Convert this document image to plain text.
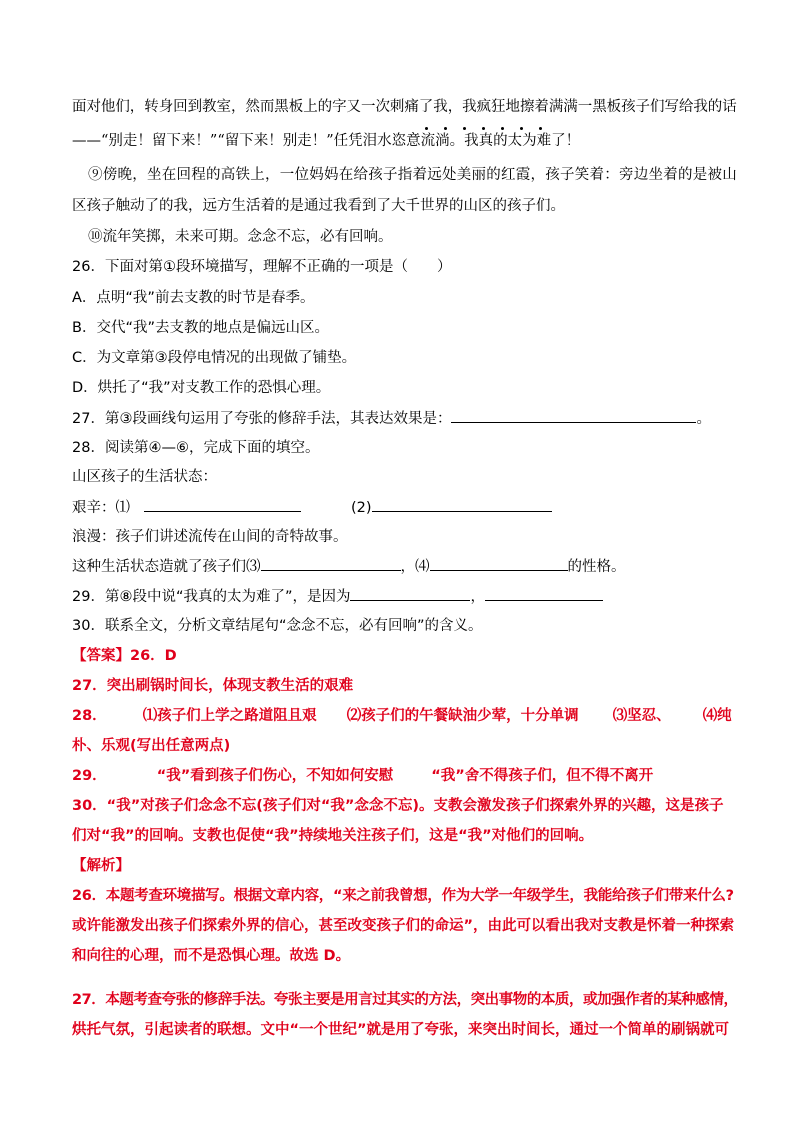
面对他们，转身回到教室，然而黑板上的字又一次刺痛了我，我疯狂地擦着满满一黑板孩子们写给我的话
——“别走！留下来！”“留下来！别走！”任凭泪水恣意流淌。我真的太为难了！
⑨傍晚，坐在回程的高铁上，一位妈妈在给孩子指着远处美丽的红霞，孩子笑着：旁边坐着的是被山
区孩子触动了的我，远方生活着的是通过我看到了大千世界的山区的孩子们。
⑩流年笑掷，未来可期。念念不忘，必有回响。
26．下面对第①段环境描写，理解不正确的一项是（　　）
A．点明“我”前去支教的时节是春季。
B．交代“我”去支教的地点是偏远山区。
C．为文章第③段停电情况的出现做了铺垫。
D．烘托了“我”对支教工作的恐惧心理。
27．第③段画线句运用了夸张的修辞手法，其表达效果是：	。
28．阅读第④—⑥，完成下面的填空。
山区孩子的生活状态：
艰辛：⑴	(2)
浪漫：孩子们讲述流传在山间的奇特故事。
这种生活状态造就了孩子们⑶	，⑷	的性格。
29．第⑧段中说“我真的太为难了”，是因为	，
30．联系全文，分析文章结尾句“念念不忘，必有回响”的含义。
【答案】26．D
27．突出刷锅时间长，体现支教生活的艰难
28． ⑴孩子们上学之路道阻且艰 ⑵孩子们的午餐缺油少荤，十分单调 ⑶坚忍、 ⑷纯
朴、乐观(写出任意两点)
29．	“我”看到孩子们伤心，不知如何安慰	“我”舍不得孩子们，但不得不离开
30．“我”对孩子们念念不忘(孩子们对“我”念念不忘)。支教会激发孩子们探索外界的兴趣，这是孩子
们对“我”的回响。支教也促使“我”持续地关注孩子们，这是“我”对他们的回响。
【解析】
26．本题考查环境描写。根据文章内容，“来之前我曾想，作为大学一年级学生，我能给孩子们带来什么?
或许能激发出孩子们探索外界的信心，甚至改变孩子们的命运”，由此可以看出我对支教是怀着一种探索
和向往的心理，而不是恐惧心理。故选 D。
27．本题考查夸张的修辞手法。夸张主要是用言过其实的方法，突出事物的本质，或加强作者的某种感情，
烘托气氛，引起读者的联想。文中“一个世纪”就是用了夸张，来突出时间长，通过一个简单的刷锅就可
